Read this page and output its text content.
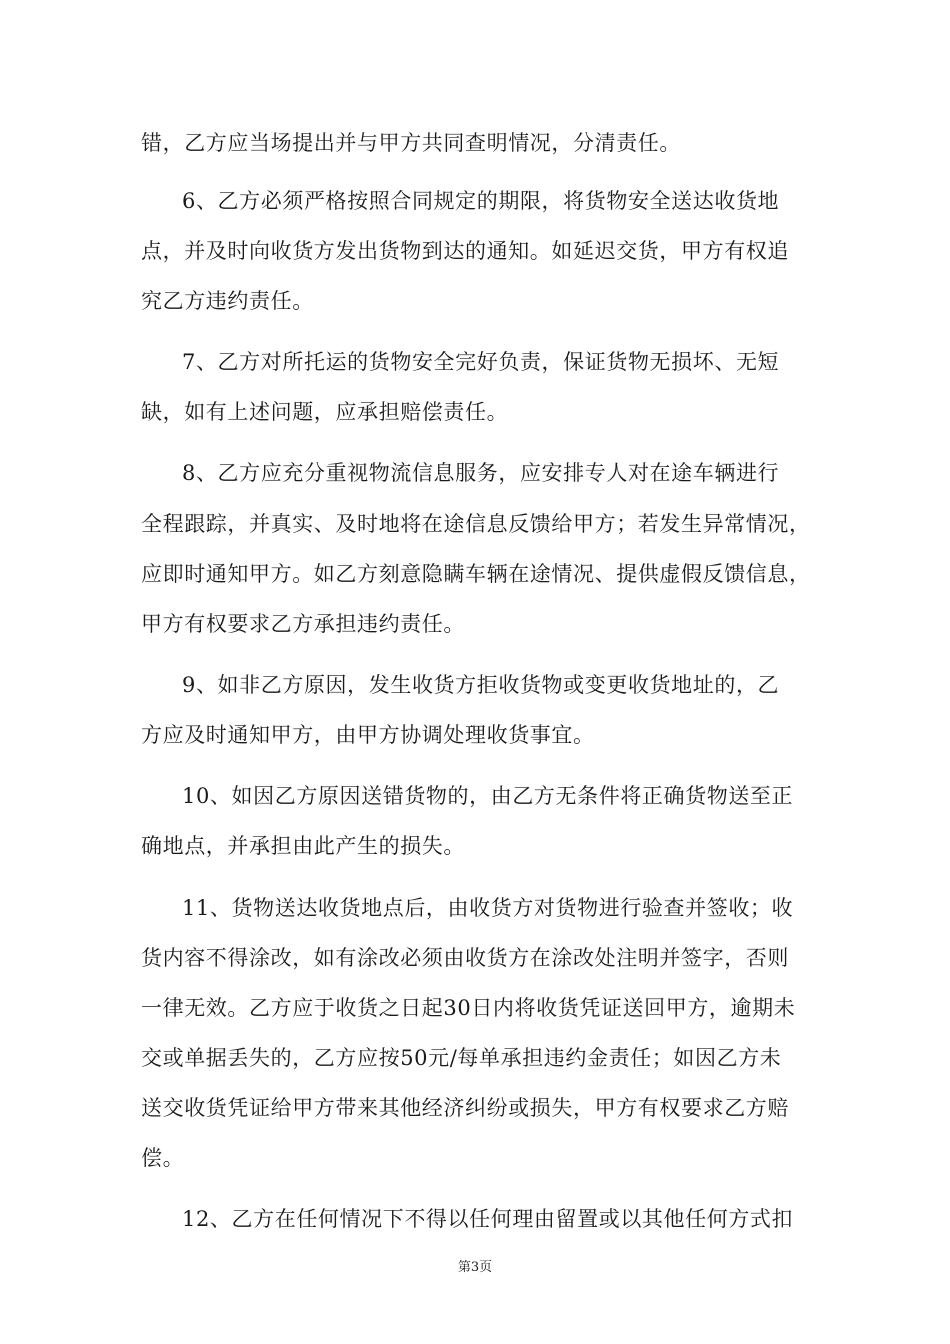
错，乙方应当场提出并与甲方共同查明情况，分清责任。
6、乙方必须严格按照合同规定的期限，将货物安全送达收货地
点，并及时向收货方发出货物到达的通知。如延迟交货，甲方有权追
究乙方违约责任。
7、乙方对所托运的货物安全完好负责，保证货物无损坏、无短
缺，如有上述问题，应承担赔偿责任。
8、乙方应充分重视物流信息服务，应安排专人对在途车辆进行
全程跟踪，并真实、及时地将在途信息反馈给甲方；若发生异常情况，
应即时通知甲方。如乙方刻意隐瞒车辆在途情况、提供虚假反馈信息，
甲方有权要求乙方承担违约责任。
9、如非乙方原因，发生收货方拒收货物或变更收货地址的，乙
方应及时通知甲方，由甲方协调处理收货事宜。
10、如因乙方原因送错货物的，由乙方无条件将正确货物送至正
确地点，并承担由此产生的损失。
11、货物送达收货地点后，由收货方对货物进行验查并签收；收
货内容不得涂改，如有涂改必须由收货方在涂改处注明并签字，否则
一律无效。乙方应于收货之日起30日内将收货凭证送回甲方，逾期未
交或单据丢失的，乙方应按50元/每单承担违约金责任；如因乙方未
送交收货凭证给甲方带来其他经济纠纷或损失，甲方有权要求乙方赔
偿。
12、乙方在任何情况下不得以任何理由留置或以其他任何方式扣
第3页
